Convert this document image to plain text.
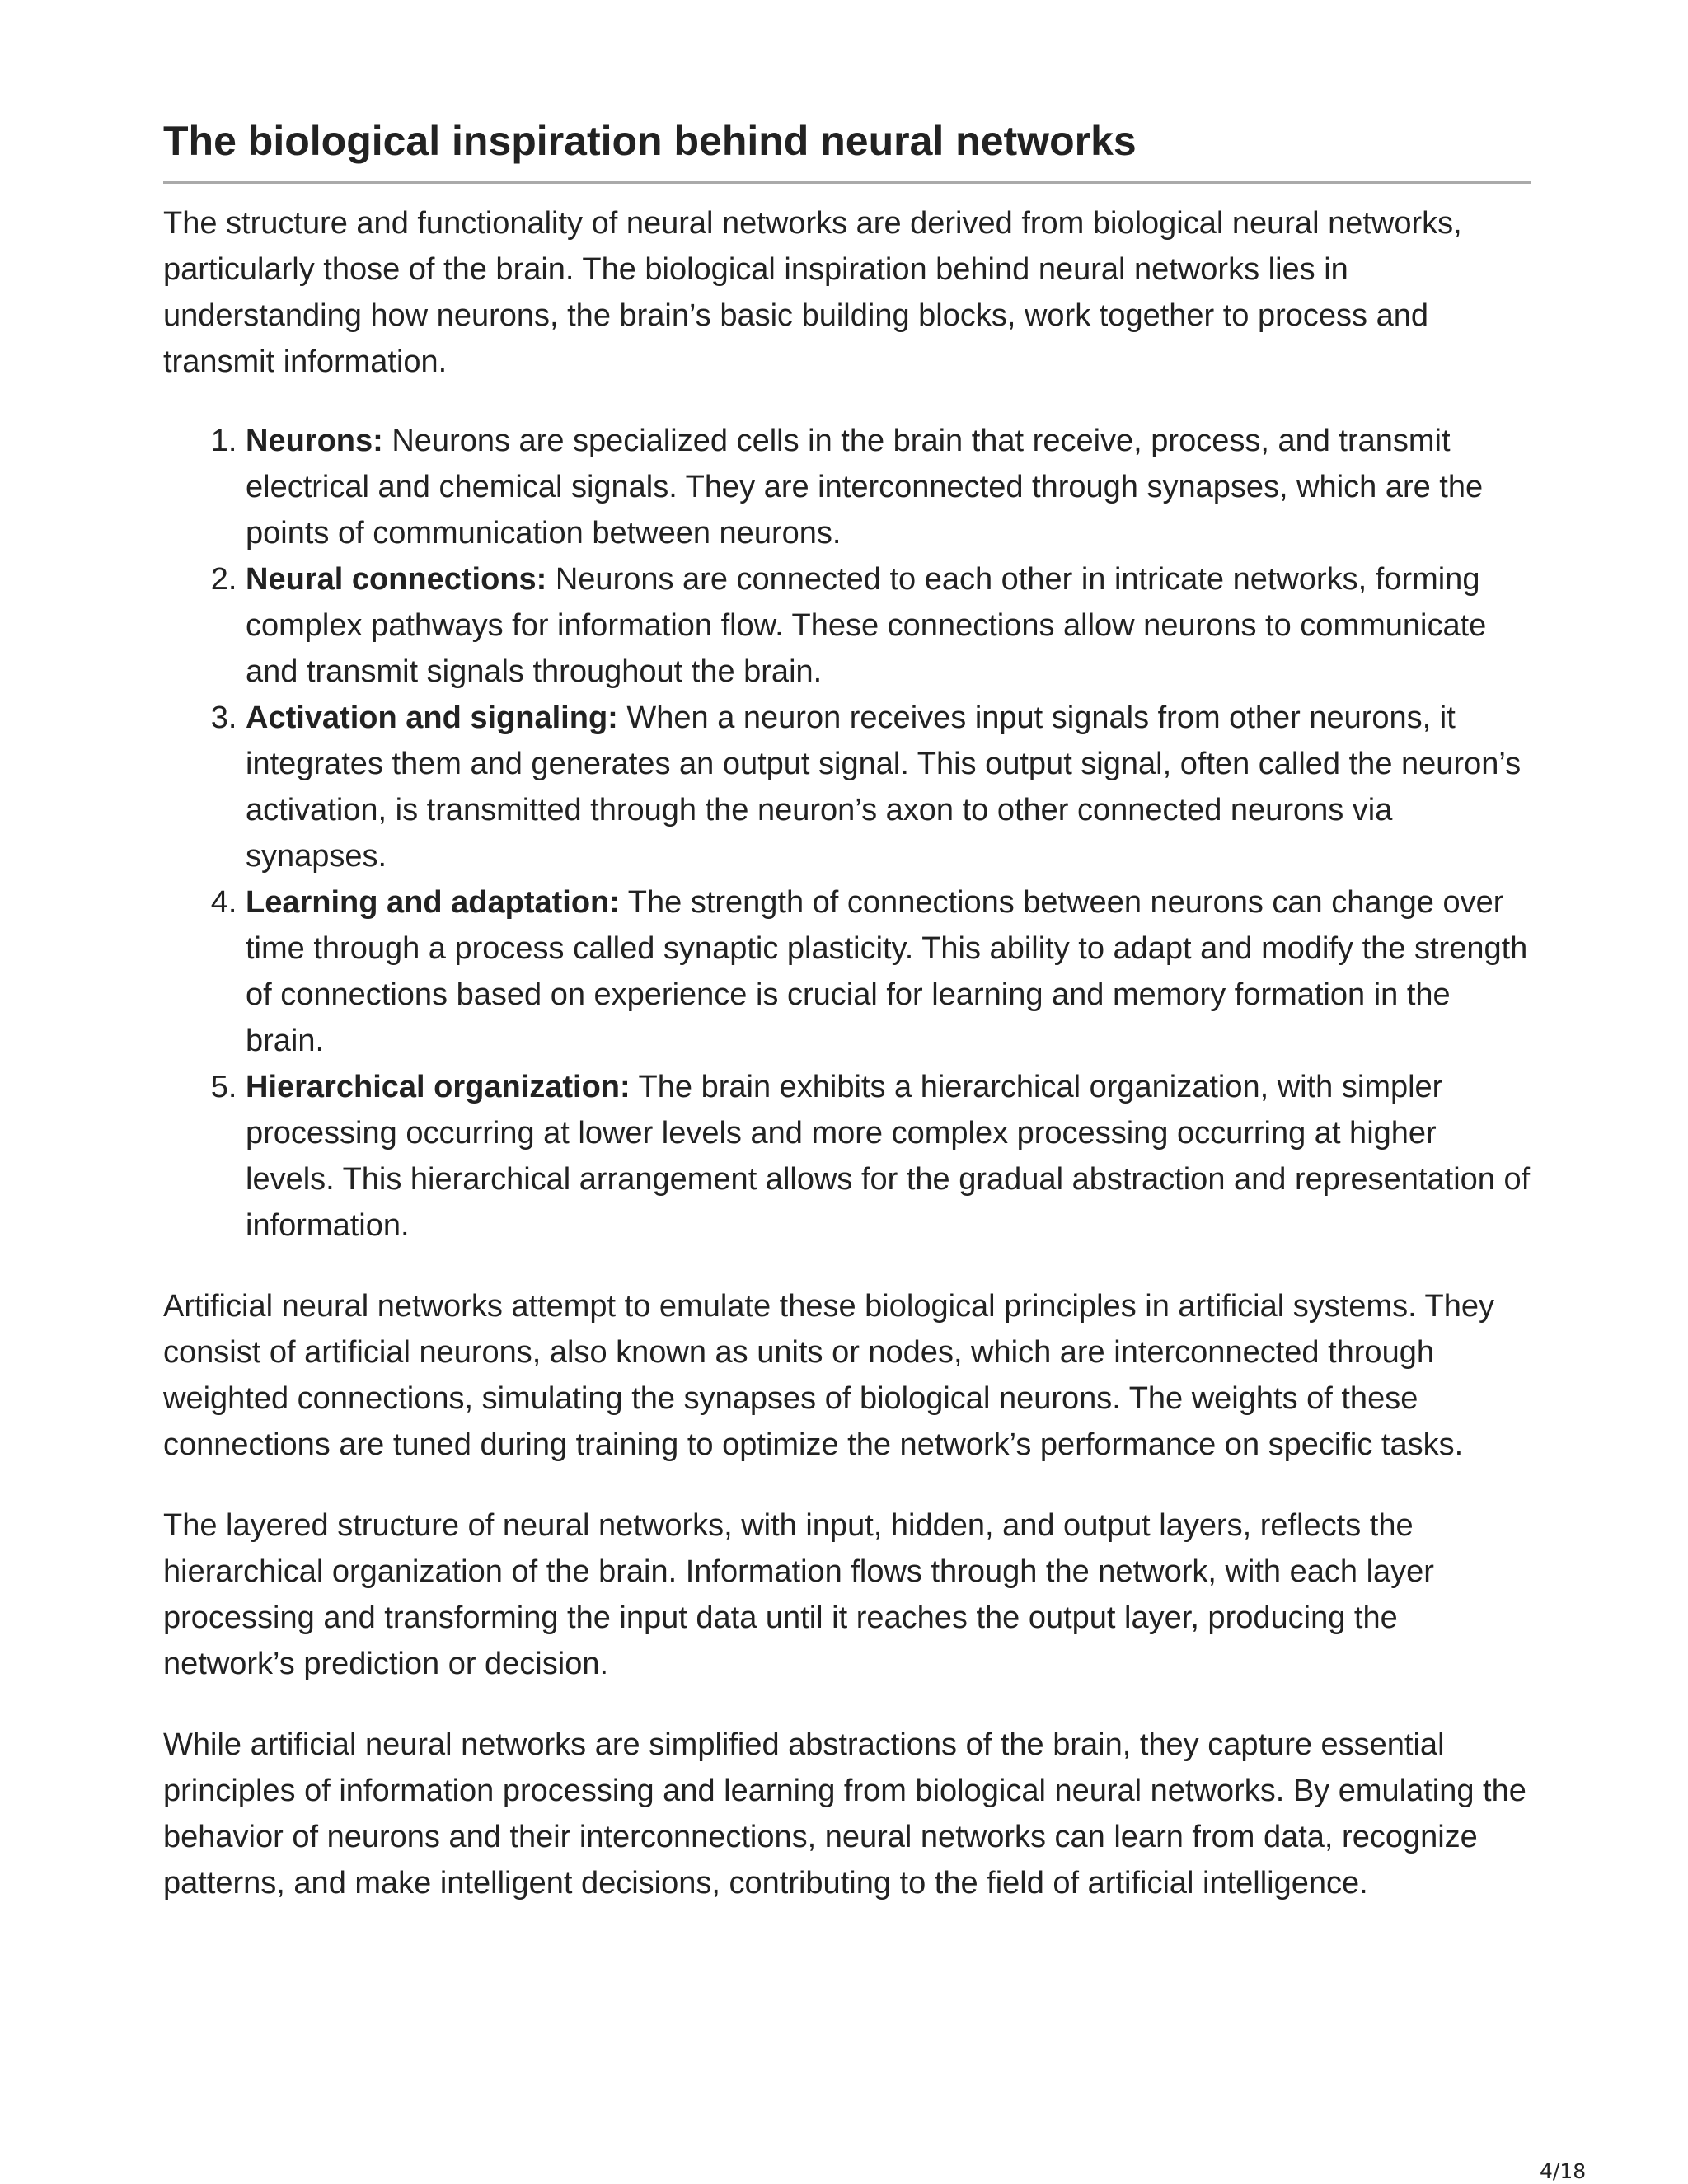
The biological inspiration behind neural networks

The structure and functionality of neural networks are derived from biological neural networks, particularly those of the brain. The biological inspiration behind neural networks lies in understanding how neurons, the brain’s basic building blocks, work together to process and transmit information.

1. Neurons: Neurons are specialized cells in the brain that receive, process, and transmit electrical and chemical signals. They are interconnected through synapses, which are the points of communication between neurons.
2. Neural connections: Neurons are connected to each other in intricate networks, forming complex pathways for information flow. These connections allow neurons to communicate and transmit signals throughout the brain.
3. Activation and signaling: When a neuron receives input signals from other neurons, it integrates them and generates an output signal. This output signal, often called the neuron’s activation, is transmitted through the neuron’s axon to other connected neurons via synapses.
4. Learning and adaptation: The strength of connections between neurons can change over time through a process called synaptic plasticity. This ability to adapt and modify the strength of connections based on experience is crucial for learning and memory formation in the brain.
5. Hierarchical organization: The brain exhibits a hierarchical organization, with simpler processing occurring at lower levels and more complex processing occurring at higher levels. This hierarchical arrangement allows for the gradual abstraction and representation of information.

Artificial neural networks attempt to emulate these biological principles in artificial systems. They consist of artificial neurons, also known as units or nodes, which are interconnected through weighted connections, simulating the synapses of biological neurons. The weights of these connections are tuned during training to optimize the network’s performance on specific tasks.

The layered structure of neural networks, with input, hidden, and output layers, reflects the hierarchical organization of the brain. Information flows through the network, with each layer processing and transforming the input data until it reaches the output layer, producing the network’s prediction or decision.

While artificial neural networks are simplified abstractions of the brain, they capture essential principles of information processing and learning from biological neural networks. By emulating the behavior of neurons and their interconnections, neural networks can learn from data, recognize patterns, and make intelligent decisions, contributing to the field of artificial intelligence.

4/18
